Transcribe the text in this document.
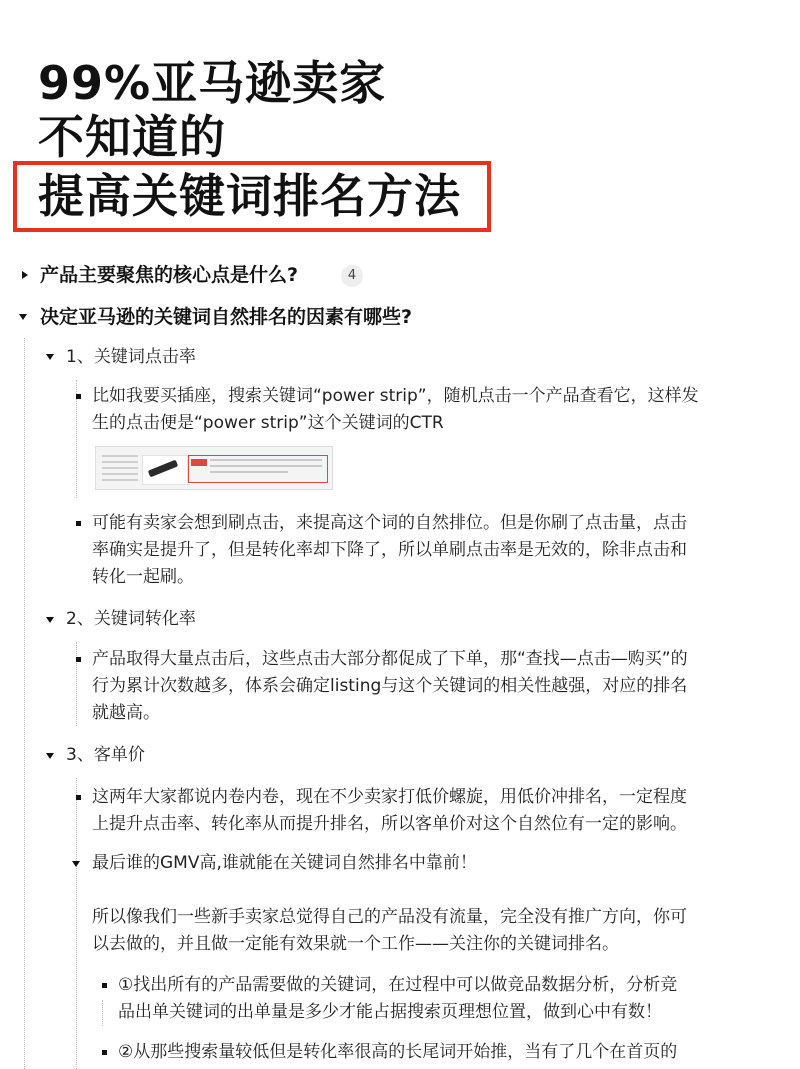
99%亚马逊卖家
不知道的
提高关键词排名方法
产品主要聚焦的核心点是什么?	4
决定亚马逊的关键词自然排名的因素有哪些?
1、关键词点击率
比如我要买插座，搜索关键词“power strip”，随机点击一个产品查看它，这样发
生的点击便是“power strip”这个关键词的CTR
可能有卖家会想到刷点击，来提高这个词的自然排位。但是你刷了点击量，点击
率确实是提升了，但是转化率却下降了，所以单刷点击率是无效的，除非点击和
转化一起刷。
2、关键词转化率
产品取得大量点击后，这些点击大部分都促成了下单，那“查找—点击—购买”的
行为累计次数越多，体系会确定listing与这个关键词的相关性越强，对应的排名
就越高。
3、客单价
这两年大家都说内卷内卷，现在不少卖家打低价螺旋，用低价冲排名，一定程度
上提升点击率、转化率从而提升排名，所以客单价对这个自然位有一定的影响。
最后谁的GMV高,谁就能在关键词自然排名中靠前！
所以像我们一些新手卖家总觉得自己的产品没有流量，完全没有推广方向，你可
以去做的，并且做一定能有效果就一个工作——关注你的关键词排名。
①找出所有的产品需要做的关键词，在过程中可以做竞品数据分析，分析竞
品出单关键词的出单量是多少才能占据搜索页理想位置，做到心中有数！
②从那些搜索量较低但是转化率很高的长尾词开始推，当有了几个在首页的
